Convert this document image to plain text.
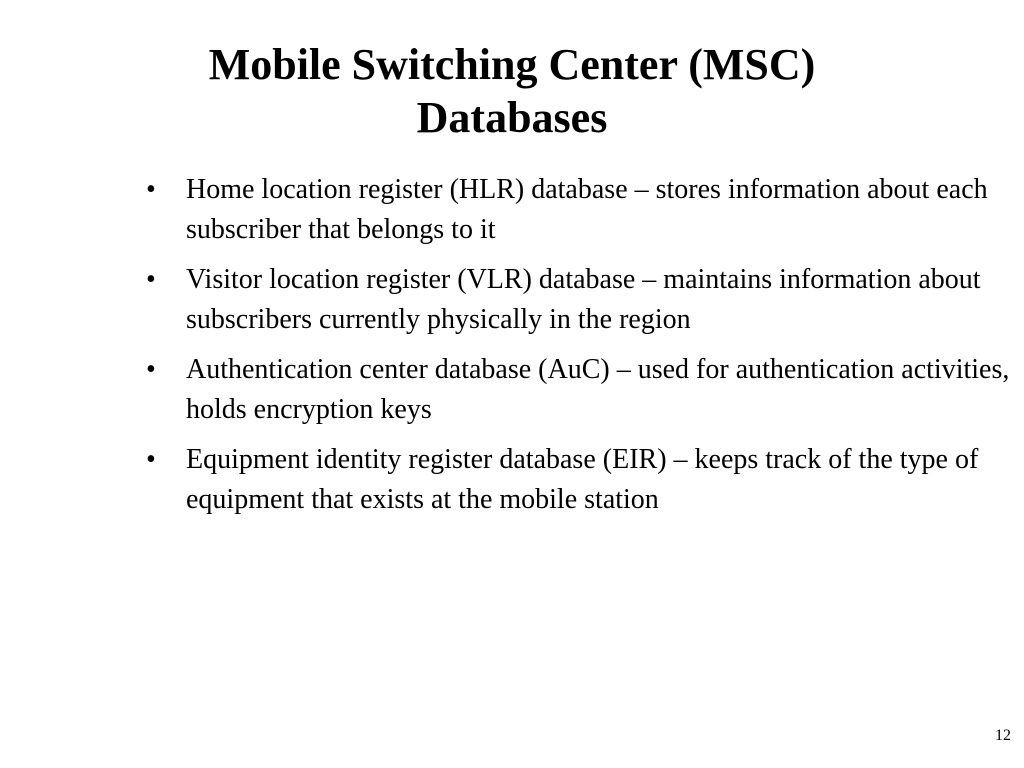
Mobile Switching Center (MSC)
Databases
• Home location register (HLR) database – stores information about each subscriber that belongs to it
• Visitor location register (VLR) database – maintains information about subscribers currently physically in the region
• Authentication center database (AuC) – used for authentication activities, holds encryption keys
• Equipment identity register database (EIR) – keeps track of the type of equipment that exists at the mobile station
12
